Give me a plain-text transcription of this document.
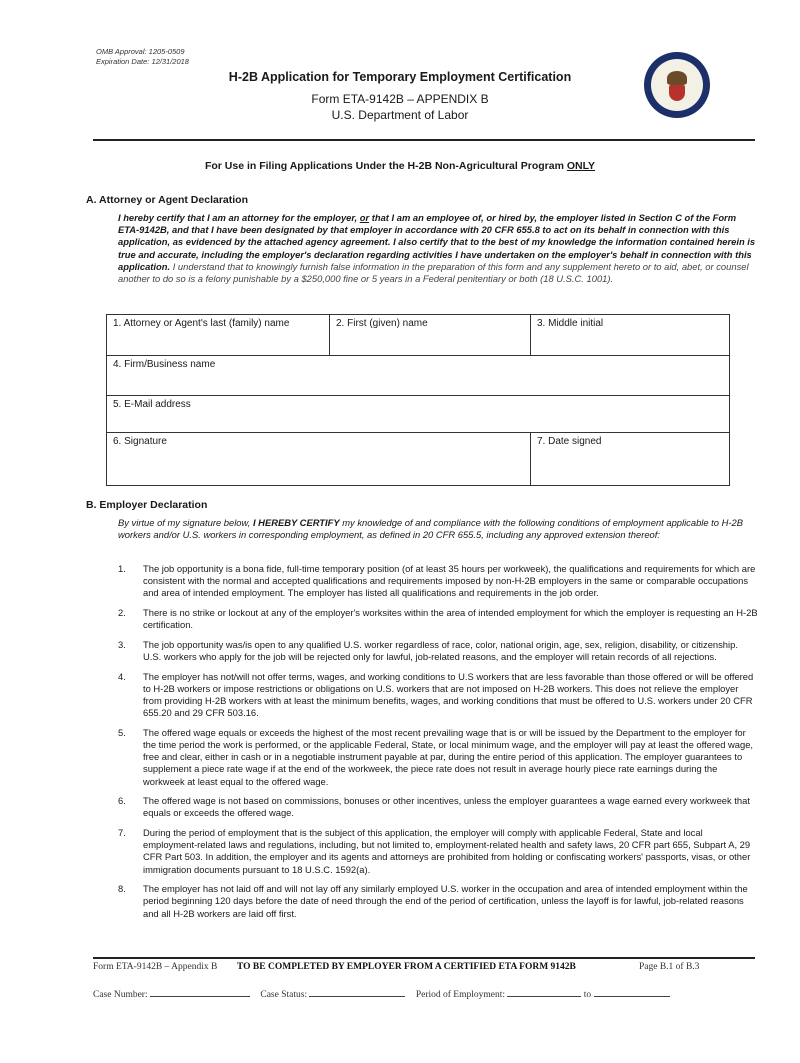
OMB Approval: 1205-0509
Expiration Date: 12/31/2018
H-2B Application for Temporary Employment Certification
Form ETA-9142B – APPENDIX B
U.S. Department of Labor
For Use in Filing Applications Under the H-2B Non-Agricultural Program ONLY
A. Attorney or Agent Declaration
I hereby certify that I am an attorney for the employer, or that I am an employee of, or hired by, the employer listed in Section C of the Form ETA-9142B, and that I have been designated by that employer in accordance with 20 CFR 655.8 to act on its behalf in connection with this application, as evidenced by the attached agency agreement. I also certify that to the best of my knowledge the information contained herein is true and accurate, including the employer's declaration regarding activities I have undertaken on the employer's behalf in connection with this application. I understand that to knowingly furnish false information in the preparation of this form and any supplement hereto or to aid, abet, or counsel another to do so is a felony punishable by a $250,000 fine or 5 years in a Federal penitentiary or both (18 U.S.C. 1001).
1. Attorney or Agent's last (family) name	2. First (given) name	3. Middle initial
4. Firm/Business name		
5. E-Mail address		
6. Signature		7. Date signed
B. Employer Declaration
By virtue of my signature below, I HEREBY CERTIFY my knowledge of and compliance with the following conditions of employment applicable to H-2B workers and/or U.S. workers in corresponding employment, as defined in 20 CFR 655.5, including any approved extension thereof:
1. The job opportunity is a bona fide, full-time temporary position (of at least 35 hours per workweek), the qualifications and requirements for which are consistent with the normal and accepted qualifications and requirements imposed by non-H-2B employers in the same or comparable occupations and area of intended employment. The employer has listed all qualifications and requirements in the job order.
2. There is no strike or lockout at any of the employer's worksites within the area of intended employment for which the employer is requesting an H-2B certification.
3. The job opportunity was/is open to any qualified U.S. worker regardless of race, color, national origin, age, sex, religion, disability, or citizenship. U.S. workers who apply for the job will be rejected only for lawful, job-related reasons, and the employer will retain records of all rejections.
4. The employer has not/will not offer terms, wages, and working conditions to U.S workers that are less favorable than those offered or will be offered to H-2B workers or impose restrictions or obligations on U.S. workers that are not imposed on H-2B workers. This does not relieve the employer from providing H-2B workers with at least the minimum benefits, wages, and working conditions that must be offered to U.S. workers under 20 CFR 655.20 and 29 CFR 503.16.
5. The offered wage equals or exceeds the highest of the most recent prevailing wage that is or will be issued by the Department to the employer for the time period the work is performed, or the applicable Federal, State, or local minimum wage, and the employer will pay at least the offered wage, free and clear, either in cash or in a negotiable instrument payable at par, during the entire period of this application. The employer guarantees to supplement a piece rate wage if at the end of the workweek, the piece rate does not result in average hourly piece rate earnings during the workweek at least equal to the offered wage.
6. The offered wage is not based on commissions, bonuses or other incentives, unless the employer guarantees a wage earned every workweek that equals or exceeds the offered wage.
7. During the period of employment that is the subject of this application, the employer will comply with applicable Federal, State and local employment-related laws and regulations, including, but not limited to, employment-related health and safety laws, 20 CFR part 655, Subpart A, 29 CFR Part 503. In addition, the employer and its agents and attorneys are prohibited from holding or confiscating workers' passports, visas, or other immigration documents pursuant to 18 U.S.C. 1592(a).
8. The employer has not laid off and will not lay off any similarly employed U.S. worker in the occupation and area of intended employment within the period beginning 120 days before the date of need through the end of the period of certification, unless the layoff is for lawful, job-related reasons and all H-2B workers are laid off first.
Form ETA-9142B – Appendix B TO BE COMPLETED BY EMPLOYER FROM A CERTIFIED ETA FORM 9142B	Page B.1 of B.3
Case Number:	Case Status:	Period of Employment:	to
